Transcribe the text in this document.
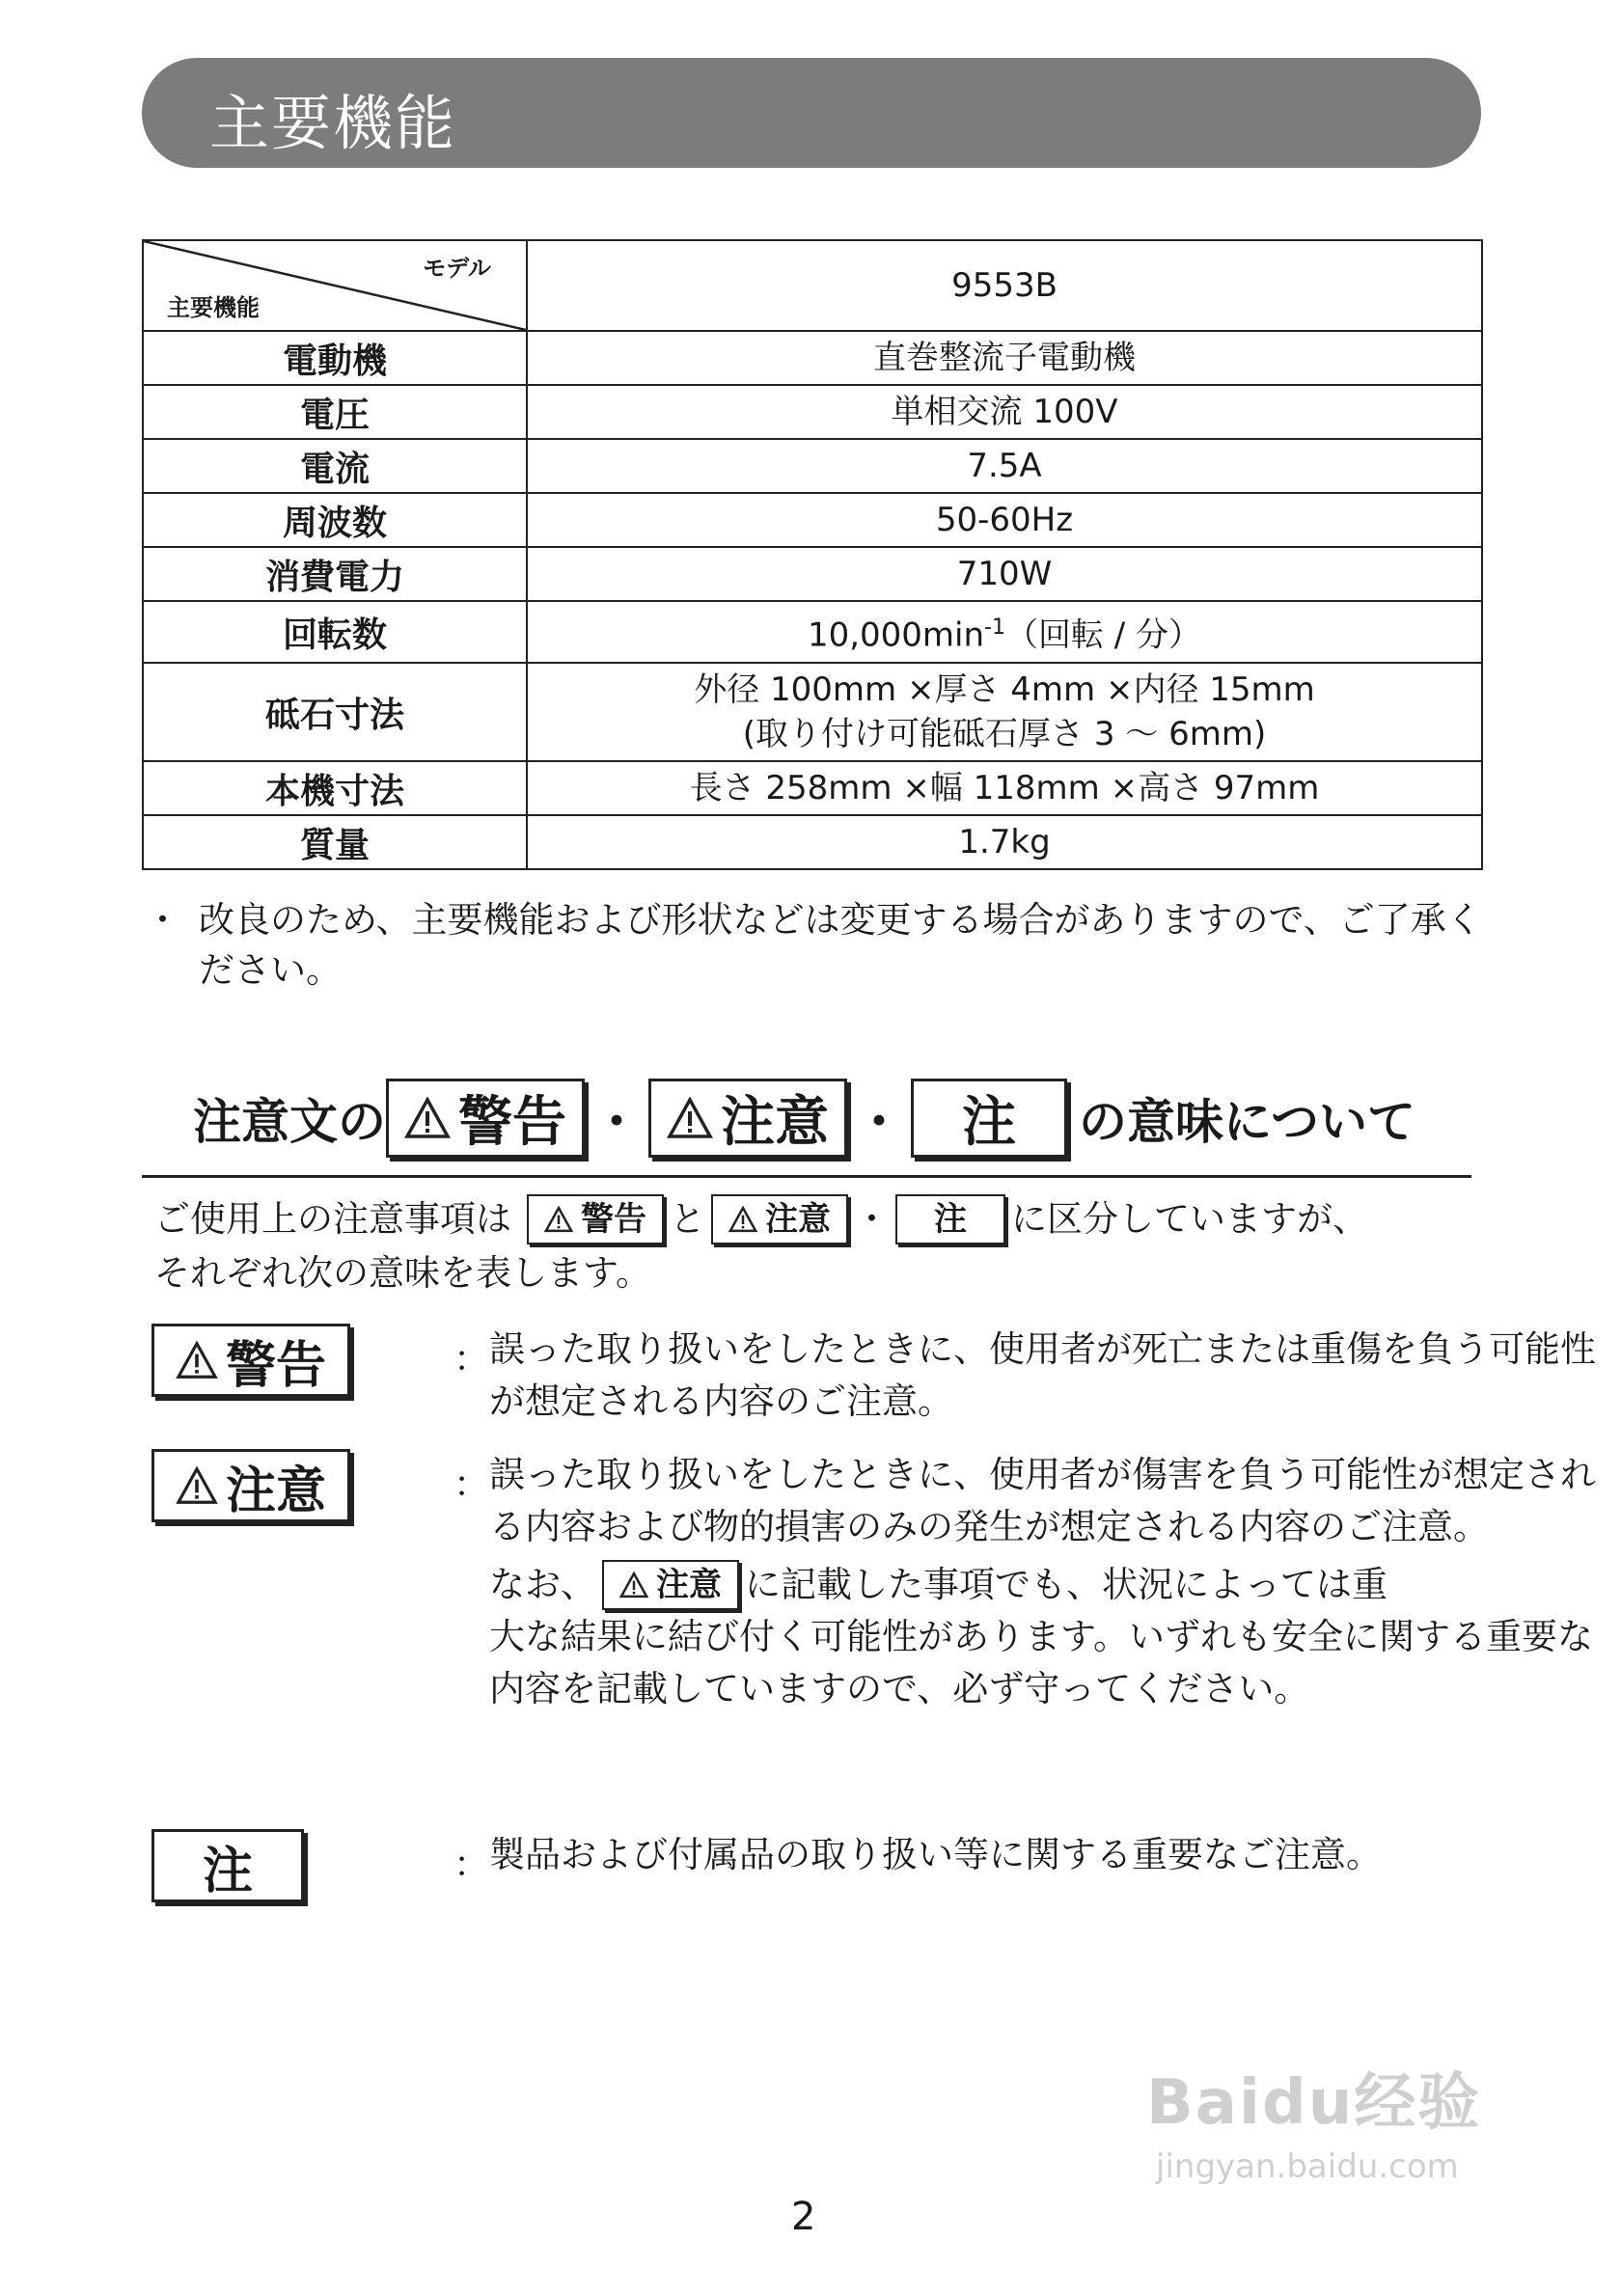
主要機能
モデル
主要機能	9553B
電動機	直巻整流子電動機
電圧	単相交流 100V
電流	7.5A
周波数	50-60Hz
消費電力	710W
回転数	$10,000\min^{-1}$（回転 / 分）
砥石寸法	外径 100mm ×厚さ 4mm ×内径 15mm
(取り付け可能砥石厚さ 3 ～ 6mm)

本機寸法	長さ 258mm ×幅 118mm ×高さ 97mm
質量	1.7kg
・ 改良のため、主要機能および形状などは変更する場合がありますので、ご了承ください。
注意文の 警告 ・ 注意 ・ 注 の意味について
ご使用上の注意事項は 警告 と 注意 ・ 注 に区分していますが、
それぞれ次の意味を表します。
警告	： 誤った取り扱いをしたときに、使用者が死亡または重傷を負う可能性が想定される内容のご注意。
注意	： 誤った取り扱いをしたときに、使用者が傷害を負う可能性が想定される内容および物的損害のみの発生が想定される内容のご注意。
なお、 注意 に記載した事項でも、状況によっては重
大な結果に結び付く可能性があります。いずれも安全に関する重要な内容を記載していますので、必ず守ってください。
注	： 製品および付属品の取り扱い等に関する重要なご注意。
Baidu经验
jingyan.baidu.com
2
